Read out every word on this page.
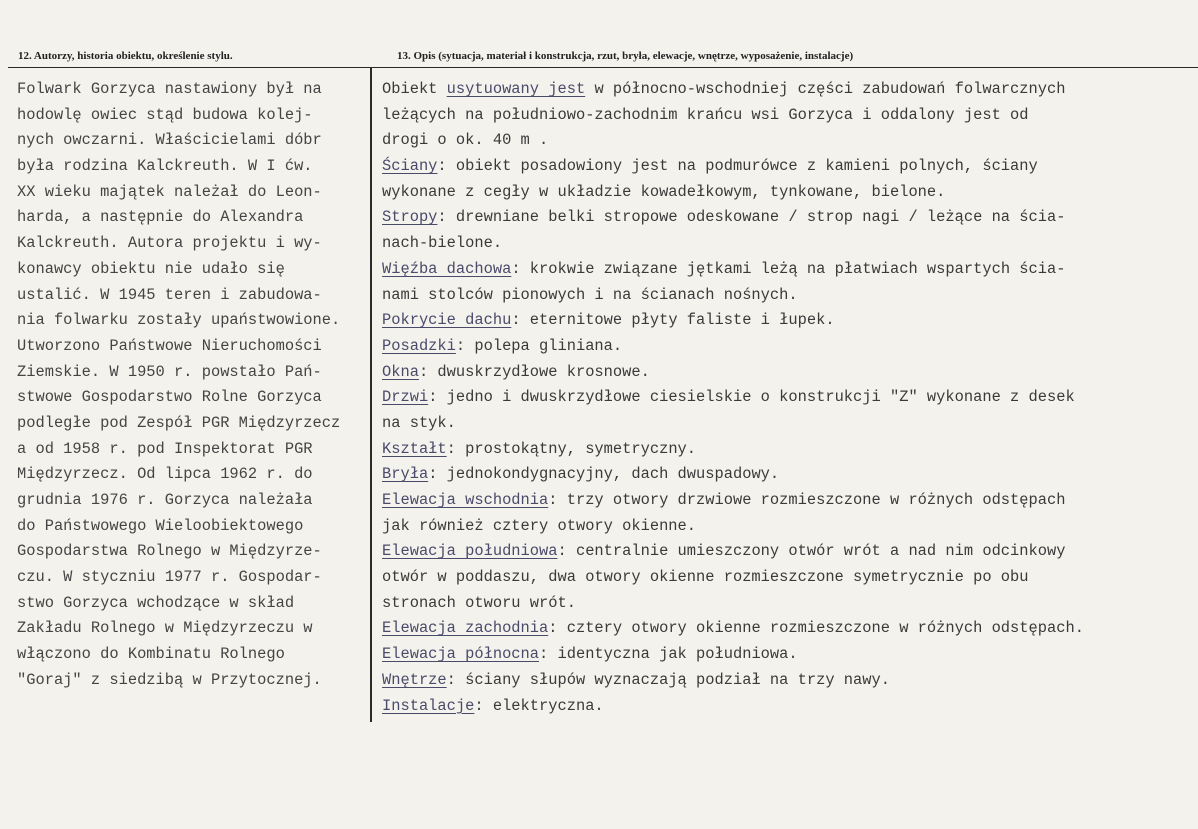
12. Autorzy, historia obiektu, określenie stylu.	13. Opis (sytuacja, materiał i konstrukcja, rzut, bryła, elewacje, wnętrze, wyposażenie, instalacje)
Folwark Gorzyca nastawiony był na
hodowlę owiec stąd budowa kolej-
nych owczarni. Właścicielami dóbr
była rodzina Kalckreuth. W I ćw.
XX wieku majątek należał do Leon-
harda, a następnie do Alexandra
Kalckreuth. Autora projektu i wy-
konawcy obiektu nie udało się
ustalić. W 1945 teren i zabudowa-
nia folwarku zostały upaństwowione.
Utworzono Państwowe Nieruchomości
Ziemskie. W 1950 r. powstało Pań-
stwowe Gospodarstwo Rolne Gorzyca
podległe pod Zespół PGR Międzyrzecz
a od 1958 r. pod Inspektorat PGR
Międzyrzecz. Od lipca 1962 r. do
grudnia 1976 r. Gorzyca należała
do Państwowego Wieloobiektowego
Gospodarstwa Rolnego w Międzyrze-
czu. W styczniu 1977 r. Gospodar-
stwo Gorzyca wchodzące w skład
Zakładu Rolnego w Międzyrzeczu w
włączono do Kombinatu Rolnego
"Goraj" z siedzibą w Przytocznej.
Obiekt usytuowany jest w północno-wschodniej części zabudowań folwarcznych
leżących na południowo-zachodnim krańcu wsi Gorzyca i oddalony jest od
drogi o ok. 40 m .
Ściany: obiekt posadowiony jest na podmurówce z kamieni polnych, ściany
wykonane z cegły w układzie kowadełkowym, tynkowane, bielone.
Stropy: drewniane belki stropowe odeskowane / strop nagi / leżące na ścia-
nach-bielone.
Więźba dachowa: krokwie związane jętkami leżą na płatwiach wspartych ścia-
nami stolców pionowych i na ścianach nośnych.
Pokrycie dachu: eternitowe płyty faliste i łupek.
Posadzki: polepa gliniana.
Okna: dwuskrzydłowe krosnowe.
Drzwi: jedno i dwuskrzydłowe ciesielskie o konstrukcji "Z" wykonane z desek
na styk.
Kształt: prostokątny, symetryczny.
Bryła: jednokondygnacyjny, dach dwuspadowy.
Elewacja wschodnia: trzy otwory drzwiowe rozmieszczone w różnych odstępach
jak również cztery otwory okienne.
Elewacja południowa: centralnie umieszczony otwór wrót a nad nim odcinkowy
otwór w poddaszu, dwa otwory okienne rozmieszczone symetrycznie po obu
stronach otworu wrót.
Elewacja zachodnia: cztery otwory okienne rozmieszczone w różnych odstępach.
Elewacja północna: identyczna jak południowa.
Wnętrze: ściany słupów wyznaczają podział na trzy nawy.
Instalacje: elektryczna.
